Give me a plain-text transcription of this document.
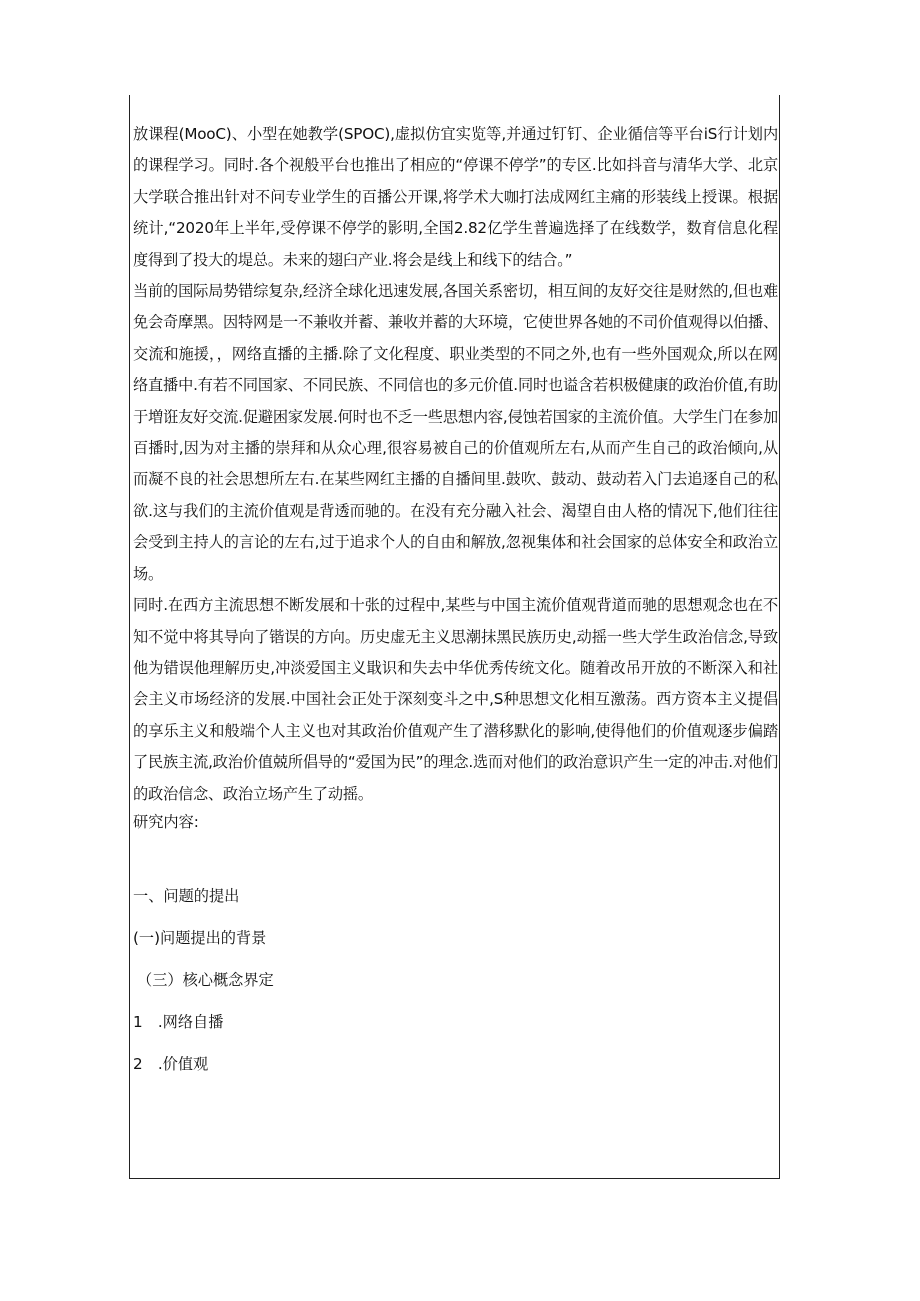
放课程(MooC)、小型在她教学(SPOC),虚拟仿宜实览等,并通过钉钉、企业循信等平台iS行计划内的课程学习。同时.各个视般平台也推出了相应的“停课不停学”的专区.比如抖音与清华大学、北京大学联合推出针对不问专业学生的百播公开课,将学术大咖打法成网红主痛的形装线上授课。根据统计,“2020年上半年,受停课不停学的影明,全国2.82亿学生普遍选择了在线数学，数育信息化程度得到了投大的堤总。未来的翅臼产业.将会是线上和线下的结合。”

当前的国际局势错综复杂,经济全球化迅速发展,各国关系密切，相互间的友好交往是财然的,但也难免会奇摩黑。因特网是一不兼收并蓄、兼收并蓄的大环境，它使世界各她的不司价值观得以伯播、交流和施援，，网络直播的主播.除了文化程度、职业类型的不同之外,也有一些外国观众,所以在网络直播中.有若不同国家、不同民族、不同信也的多元价值.同时也谥含若枳极健康的政治价值,有助于増诳友好交流.促避困家发展.何时也不乏一些思想内容,侵蚀若国家的主流价值。大学生门在参加百播时,因为对主播的崇拜和从众心理,很容易被自己的价值观所左右,从而产生自己的政治倾向,从而凝不良的社会思想所左右.在某些网红主播的自播间里.鼓吹、鼓动、鼓动若入门去追逐自己的私欲.这与我们的主流价值观是背透而驰的。在没有充分融入社会、渴望自由人格的情况下,他们往往会受到主持人的言论的左右,过于追求个人的自由和解放,忽视集体和社会国家的总体安全和政治立场。

同时.在西方主流思想不断发展和十张的过程中,某些与中国主流价值观背道而驰的思想观念也在不知不觉中将其导向了锴误的方向。历史虚无主义思潮抹黑民族历史,动摇一些大学生政治信念,导致他为错误他理解历史,冲淡爱国主义戢识和失去中华优秀传统文化。随着改吊开放的不断深入和社会主义市场经济的发展.中国社会正处于深刻变斗之中,S种思想文化相互激荡。西方资本主义提倡的享乐主义和般端个人主义也对其政治价值观产生了潜移默化的影响,使得他们的价值观逐步偏踏了民族主流,政治价值兢所倡导的“爱国为民”的理念.选而对他们的政治意识产生一定的冲击.对他们的政治信念、政治立场产生了动摇。

研究内容:

一、问题的提出

(一)问题提出的背景

（三）核心概念界定

1　.网络自播

2　.价值观
